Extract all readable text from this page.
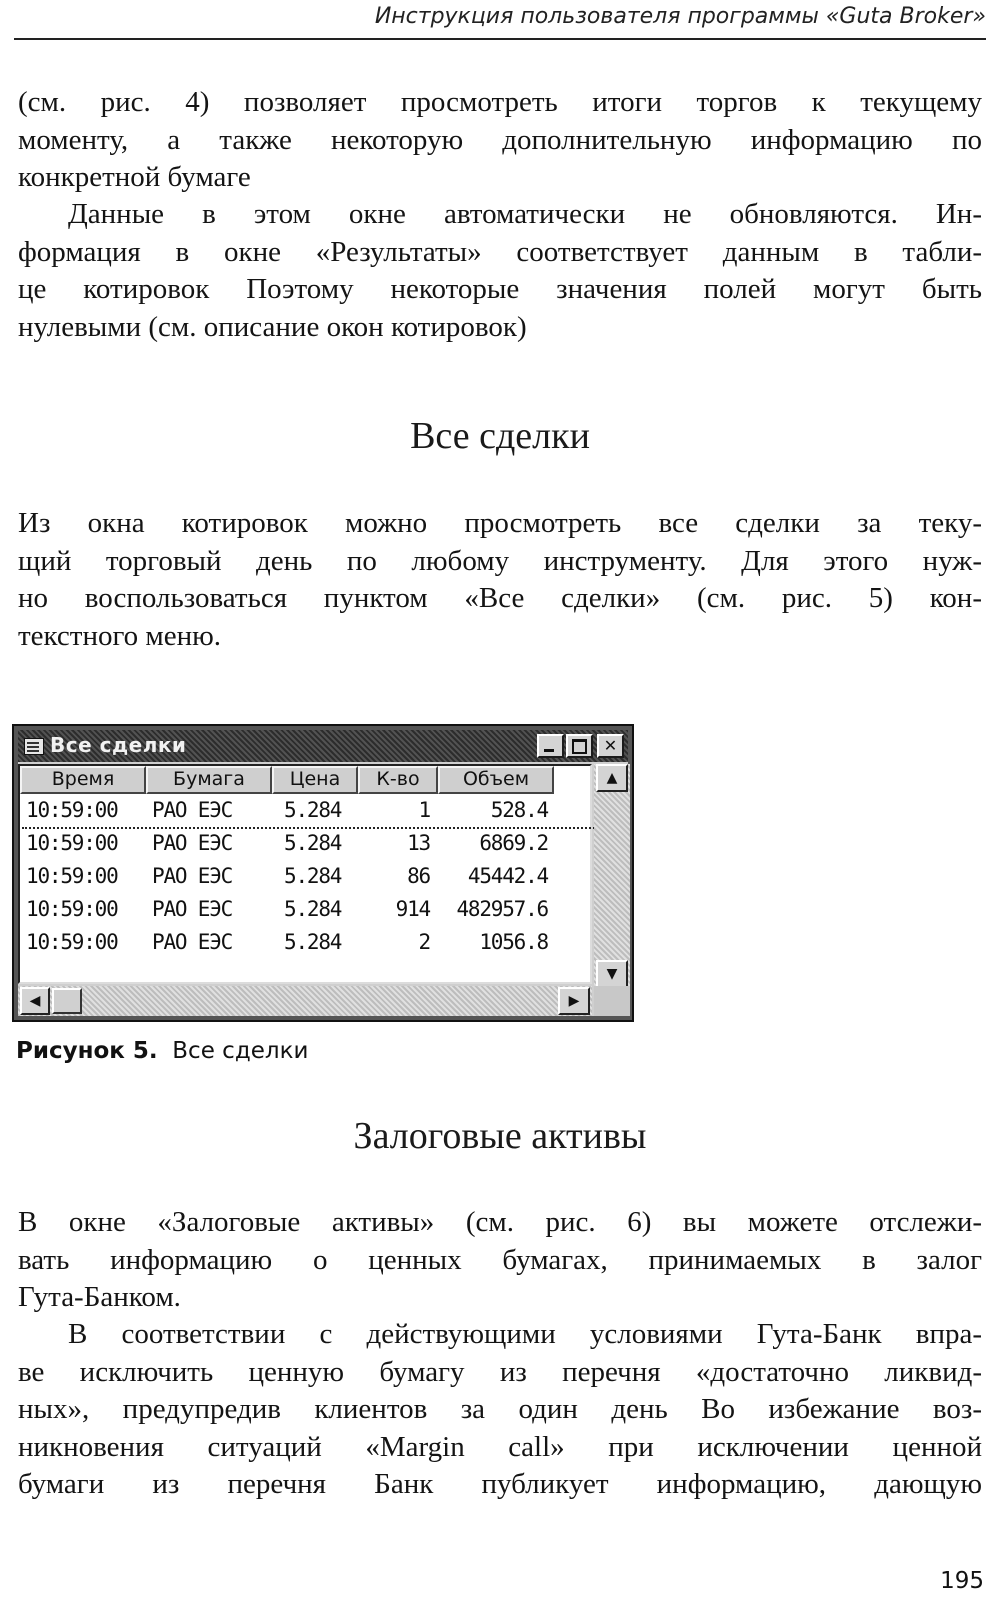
Инструкция пользователя программы «Guta Broker»
(см. рис. 4) позволяет просмотреть итоги торгов к текущему
моменту, а также некоторую дополнительную информацию по
конкретной бумаге
Данные в этом окне автоматически не обновляются. Ин-
формация в окне «Результаты» соответствует данным в табли-
це котировок Поэтому некоторые значения полей могут быть
нулевыми (см. описание окон котировок)
Все сделки
Из окна котировок можно просмотреть все сделки за теку-
щий торговый день по любому инструменту. Для этого нуж-
но воспользоваться пунктом «Все сделки» (см. рис. 5) кон-
текстного меню.
Все сделки	✕
Время	Бумага	Цена	К-во	Объем
10:59:00 РАО ЕЭС 5.284	1	528.4
10:59:00 РАО ЕЭС 5.284	13	6869.2
10:59:00 РАО ЕЭС 5.284	86	45442.4
10:59:00 РАО ЕЭС 5.284	914	482957.6
10:59:00 РАО ЕЭС 5.284	2	1056.8
▲
▼
◀	▶
Рисунок 5. Все сделки
Залоговые активы
В окне «Залоговые активы» (см. рис. 6) вы можете отслежи-
вать информацию о ценных бумагах, принимаемых в залог
Гута-Банком.
В соответствии с действующими условиями Гута-Банк впра-
ве исключить ценную бумагу из перечня «достаточно ликвид-
ных», предупредив клиентов за один день Во избежание воз-
никновения ситуаций «Margin call» при исключении ценной
бумаги из перечня Банк публикует информацию, дающую
195
